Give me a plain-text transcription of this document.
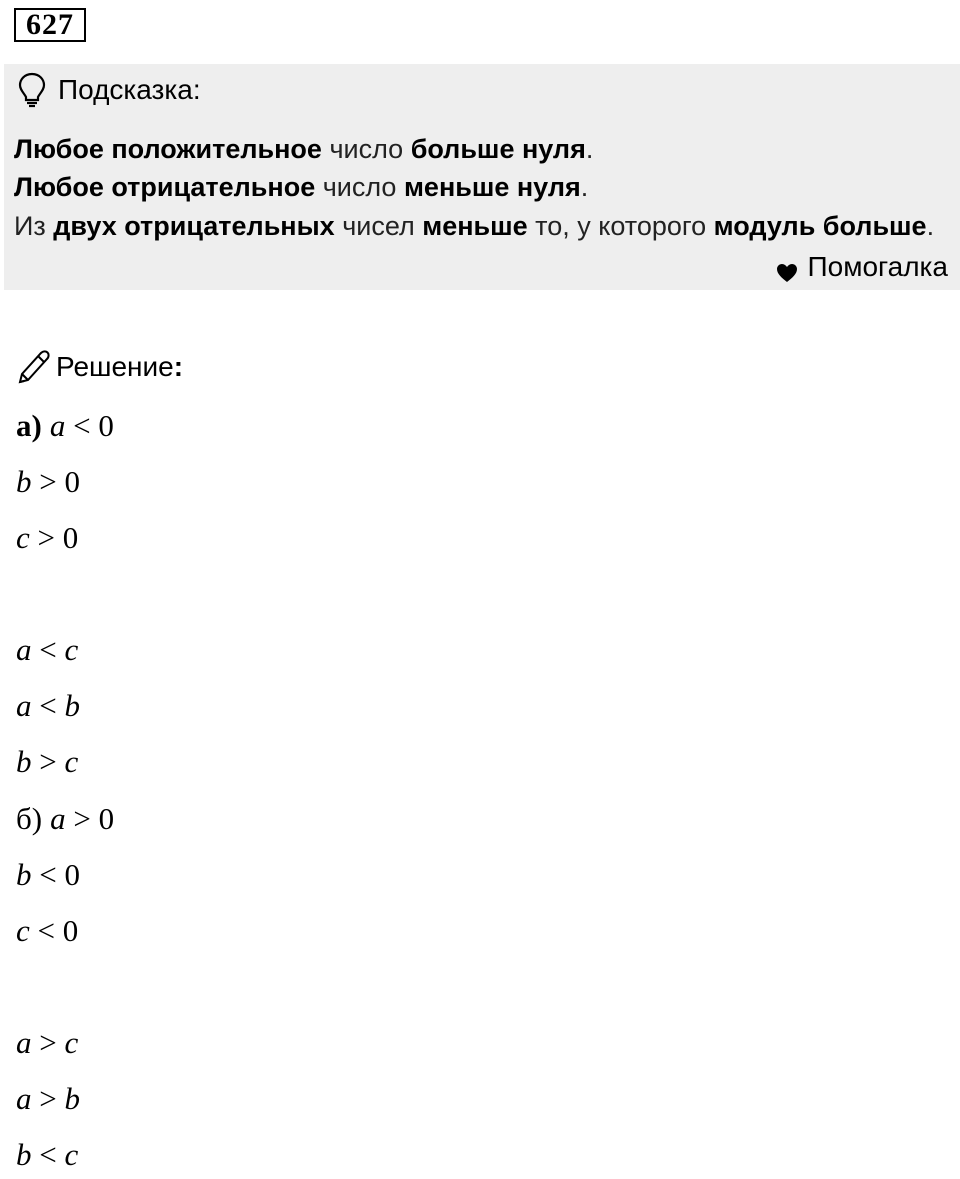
627
Подсказка:
Любое положительное число больше нуля.
Любое отрицательное число меньше нуля.
Из двух отрицательных чисел меньше то, у которого модуль больше.
Помогалка
Решение :
а) a < 0
b > 0
c > 0
a < c
a < b
b > c
б) a > 0
b < 0
c < 0
a > c
a > b
b < c
